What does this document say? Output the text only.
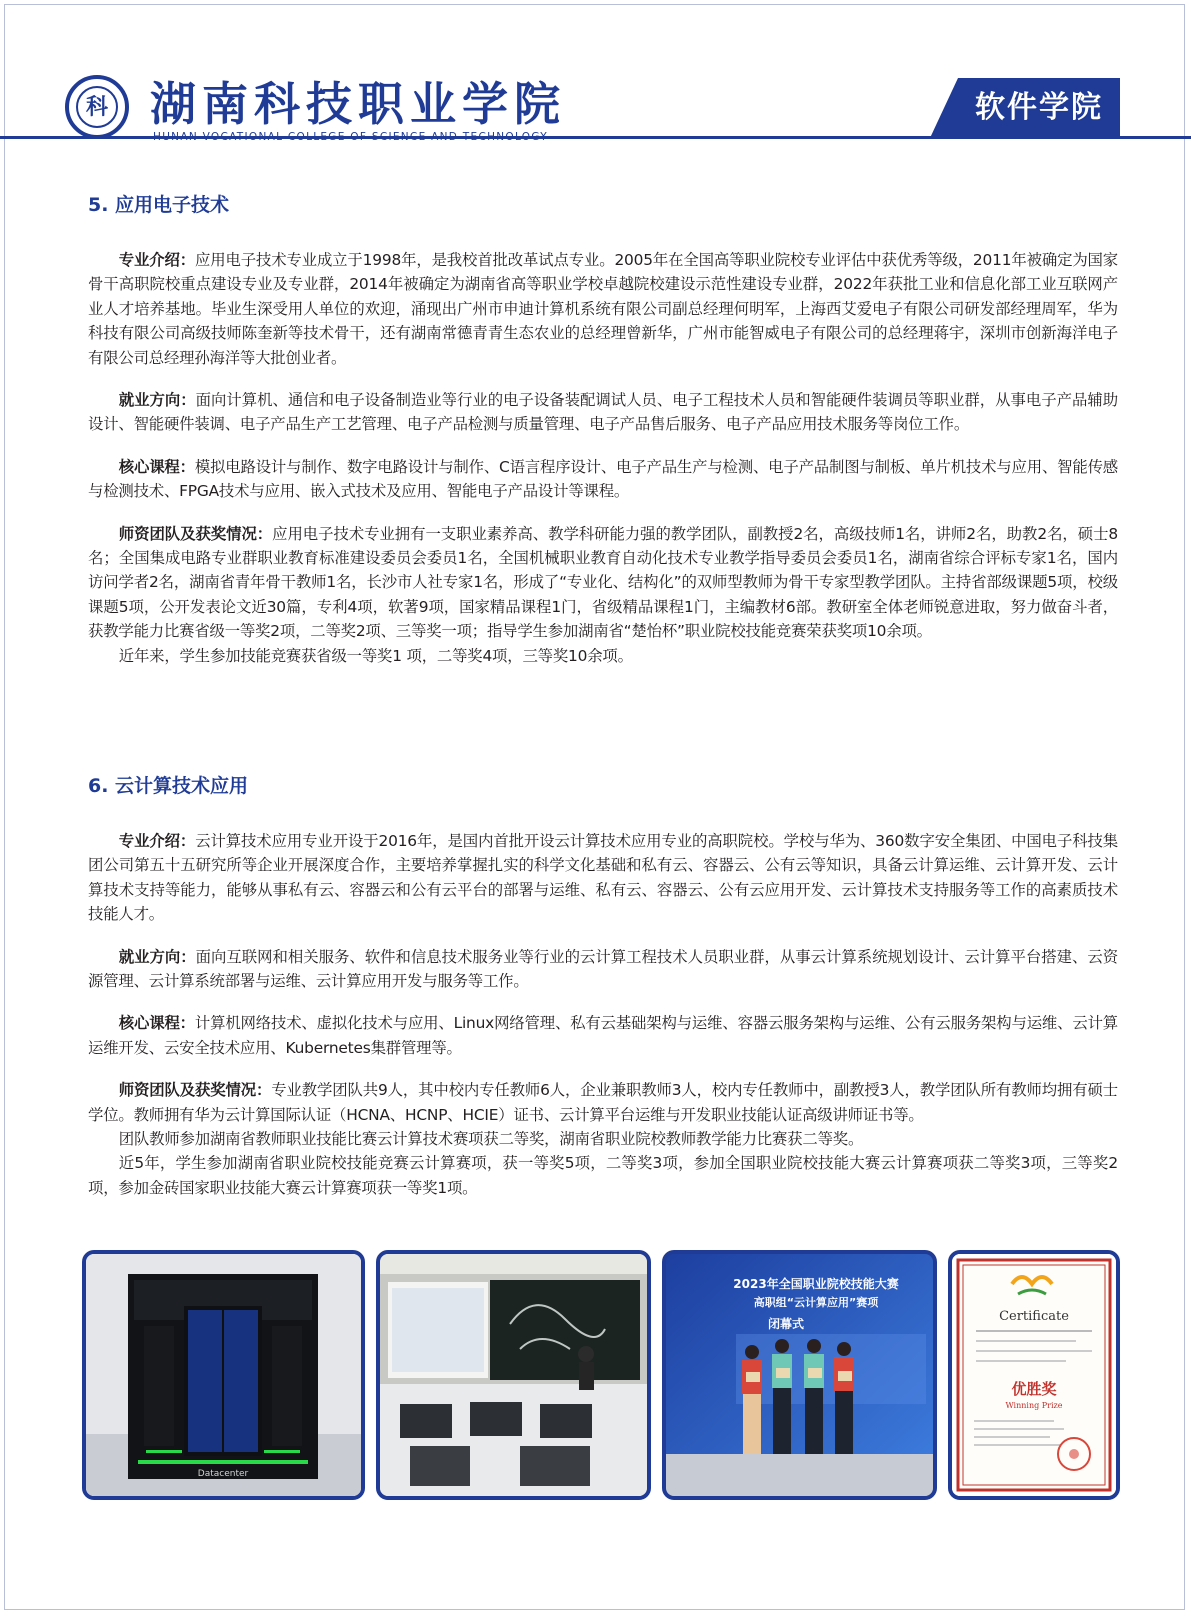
科 湖南科技职业学院	软件学院
5. 应用电子技术

专业介绍：应用电子技术专业成立于1998年，是我校首批改革试点专业。2005年在全国高等职业院校专业评估中获优秀等级，2011年被确定为国家骨干高职院校重点建设专业及专业群，2014年被确定为湖南省高等职业学校卓越院校建设示范性建设专业群，2022年获批工业和信息化部工业互联网产业人才培养基地。毕业生深受用人单位的欢迎，涌现出广州市申迪计算机系统有限公司副总经理何明军，上海西艾爱电子有限公司研发部经理周军，华为科技有限公司高级技师陈奎新等技术骨干，还有湖南常德青青生态农业的总经理曾新华，广州市能智威电子有限公司的总经理蒋宇，深圳市创新海洋电子有限公司总经理孙海洋等大批创业者。

就业方向：面向计算机、通信和电子设备制造业等行业的电子设备装配调试人员、电子工程技术人员和智能硬件装调员等职业群，从事电子产品辅助设计、智能硬件装调、电子产品生产工艺管理、电子产品检测与质量管理、电子产品售后服务、电子产品应用技术服务等岗位工作。

核心课程：模拟电路设计与制作、数字电路设计与制作、C语言程序设计、电子产品生产与检测、电子产品制图与制板、单片机技术与应用、智能传感与检测技术、FPGA技术与应用、嵌入式技术及应用、智能电子产品设计等课程。

师资团队及获奖情况：应用电子技术专业拥有一支职业素养高、教学科研能力强的教学团队，副教授2名，高级技师1名，讲师2名，助教2名，硕士8名；全国集成电路专业群职业教育标准建设委员会委员1名，全国机械职业教育自动化技术专业教学指导委员会委员1名，湖南省综合评标专家1名，国内访问学者2名，湖南省青年骨干教师1名，长沙市人社专家1名，形成了“专业化、结构化”的双师型教师为骨干专家型教学团队。主持省部级课题5项，校级课题5项，公开发表论文近30篇，专利4项，软著9项，国家精品课程1门，省级精品课程1门，主编教材6部。教研室全体老师锐意进取，努力做奋斗者，获教学能力比赛省级一等奖2项，二等奖2项、三等奖一项；指导学生参加湖南省“楚怡杯”职业院校技能竞赛荣获奖项10余项。

近年来，学生参加技能竞赛获省级一等奖1 项，二等奖4项，三等奖10余项。

6. 云计算技术应用

专业介绍：云计算技术应用专业开设于2016年，是国内首批开设云计算技术应用专业的高职院校。学校与华为、360数字安全集团、中国电子科技集团公司第五十五研究所等企业开展深度合作，主要培养掌握扎实的科学文化基础和私有云、容器云、公有云等知识，具备云计算运维、云计算开发、云计算技术支持等能力，能够从事私有云、容器云和公有云平台的部署与运维、私有云、容器云、公有云应用开发、云计算技术支持服务等工作的高素质技术技能人才。

就业方向：面向互联网和相关服务、软件和信息技术服务业等行业的云计算工程技术人员职业群，从事云计算系统规划设计、云计算平台搭建、云资源管理、云计算系统部署与运维、云计算应用开发与服务等工作。

核心课程：计算机网络技术、虚拟化技术与应用、Linux网络管理、私有云基础架构与运维、容器云服务架构与运维、公有云服务架构与运维、云计算运维开发、云安全技术应用、Kubernetes集群管理等。

师资团队及获奖情况：专业教学团队共9人，其中校内专任教师6人，企业兼职教师3人，校内专任教师中，副教授3人，教学团队所有教师均拥有硕士学位。教师拥有华为云计算国际认证（HCNA、HCNP、HCIE）证书、云计算平台运维与开发职业技能认证高级讲师证书等。

团队教师参加湖南省教师职业技能比赛云计算技术赛项获二等奖，湖南省职业院校教师教学能力比赛获二等奖。

近5年，学生参加湖南省职业院校技能竞赛云计算赛项，获一等奖5项，二等奖3项，参加全国职业院校技能大赛云计算赛项获二等奖3项，三等奖2项，参加金砖国家职业技能大赛云计算赛项获一等奖1项。

Datacenter
2023年全国职业院校技能大赛
高职组“云计算应用”赛项
闭幕式	Certificate
优胜奖
Winning Prize
